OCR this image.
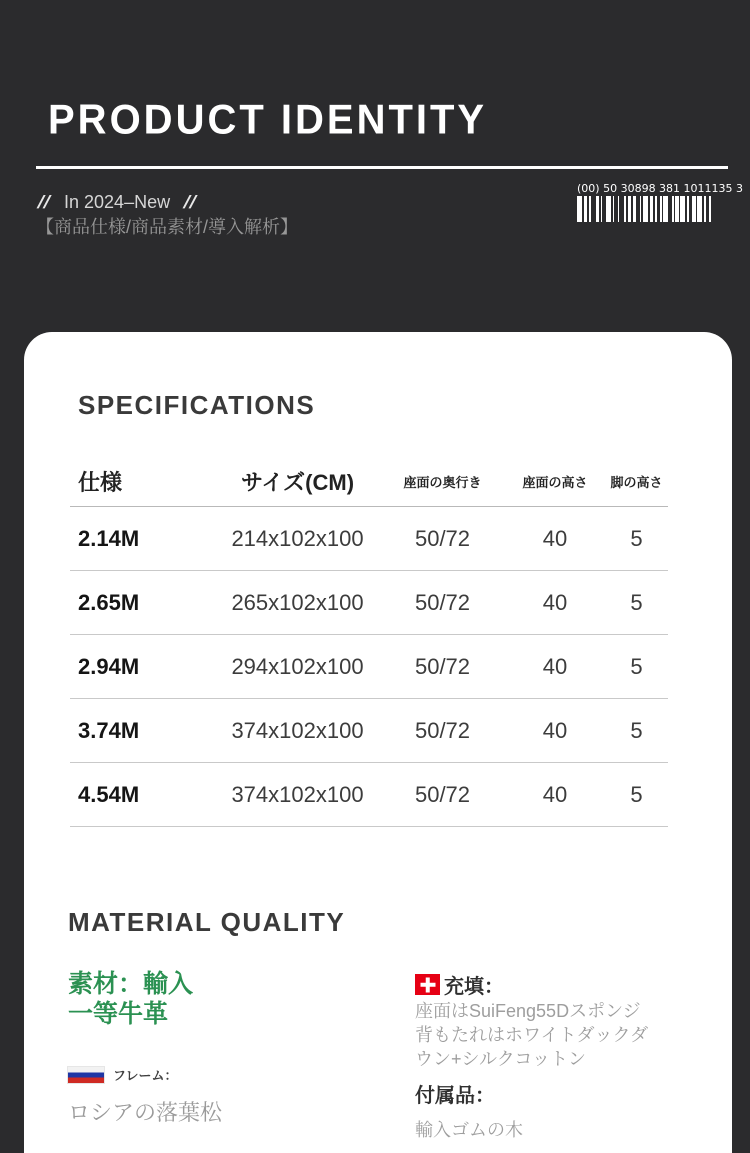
PRODUCT IDENTITY
// In 2024–New //
【商品仕様/商品素材/導入解析】
(00) 50 30898 381 1011135 3
SPECIFICATIONS
仕様	サイズ(CM)	座面の奥行き	座面の高さ	脚の高さ
2.14M	214x102x100	50/72	40	5
2.65M	265x102x100	50/72	40	5
2.94M	294x102x100	50/72	40	5
3.74M	374x102x100	50/72	40	5
4.54M	374x102x100	50/72	40	5
MATERIAL QUALITY
素材：輸入
一等牛革
フレーム：
ロシアの落葉松
充填：
座面はSuiFeng55Dスポンジ
背もたれはホワイトダックダ
ウン+シルクコットン
付属品：
輸入ゴムの木
